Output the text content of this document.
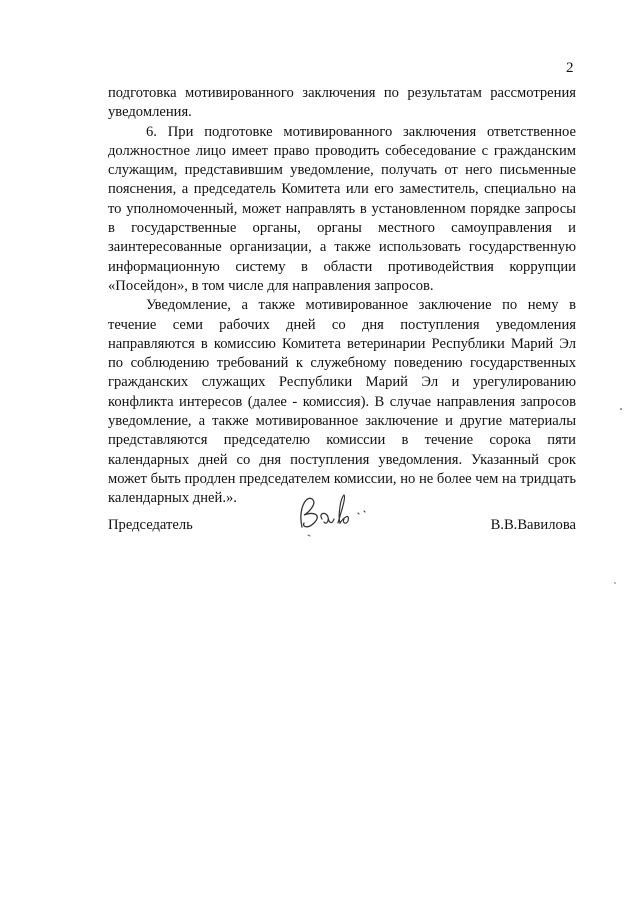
2

подготовка мотивированного заключения по результатам рассмотрения уведомления.

6. При подготовке мотивированного заключения ответственное должностное лицо имеет право проводить собеседование с гражданским служащим, представившим уведомление, получать от него письменные пояснения, а председатель Комитета или его заместитель, специально на то уполномоченный, может направлять в установленном порядке запросы в государственные органы, органы местного самоуправления и заинтересованные организации, а также использовать государственную информационную систему в области противодействия коррупции «Посейдон», в том числе для направления запросов.

Уведомление, а также мотивированное заключение по нему в течение семи рабочих дней со дня поступления уведомления направляются в комиссию Комитета ветеринарии Республики Марий Эл по соблюдению требований к служебному поведению государственных гражданских служащих Республики Марий Эл и урегулированию конфликта интересов (далее - комиссия). В случае направления запросов уведомление, а также мотивированное заключение и другие материалы представляются председателю комиссии в течение сорока пяти календарных дней со дня поступления уведомления. Указанный срок может быть продлен председателем комиссии, но не более чем на тридцать календарных дней.».

Председатель	В.В.Вавилова
